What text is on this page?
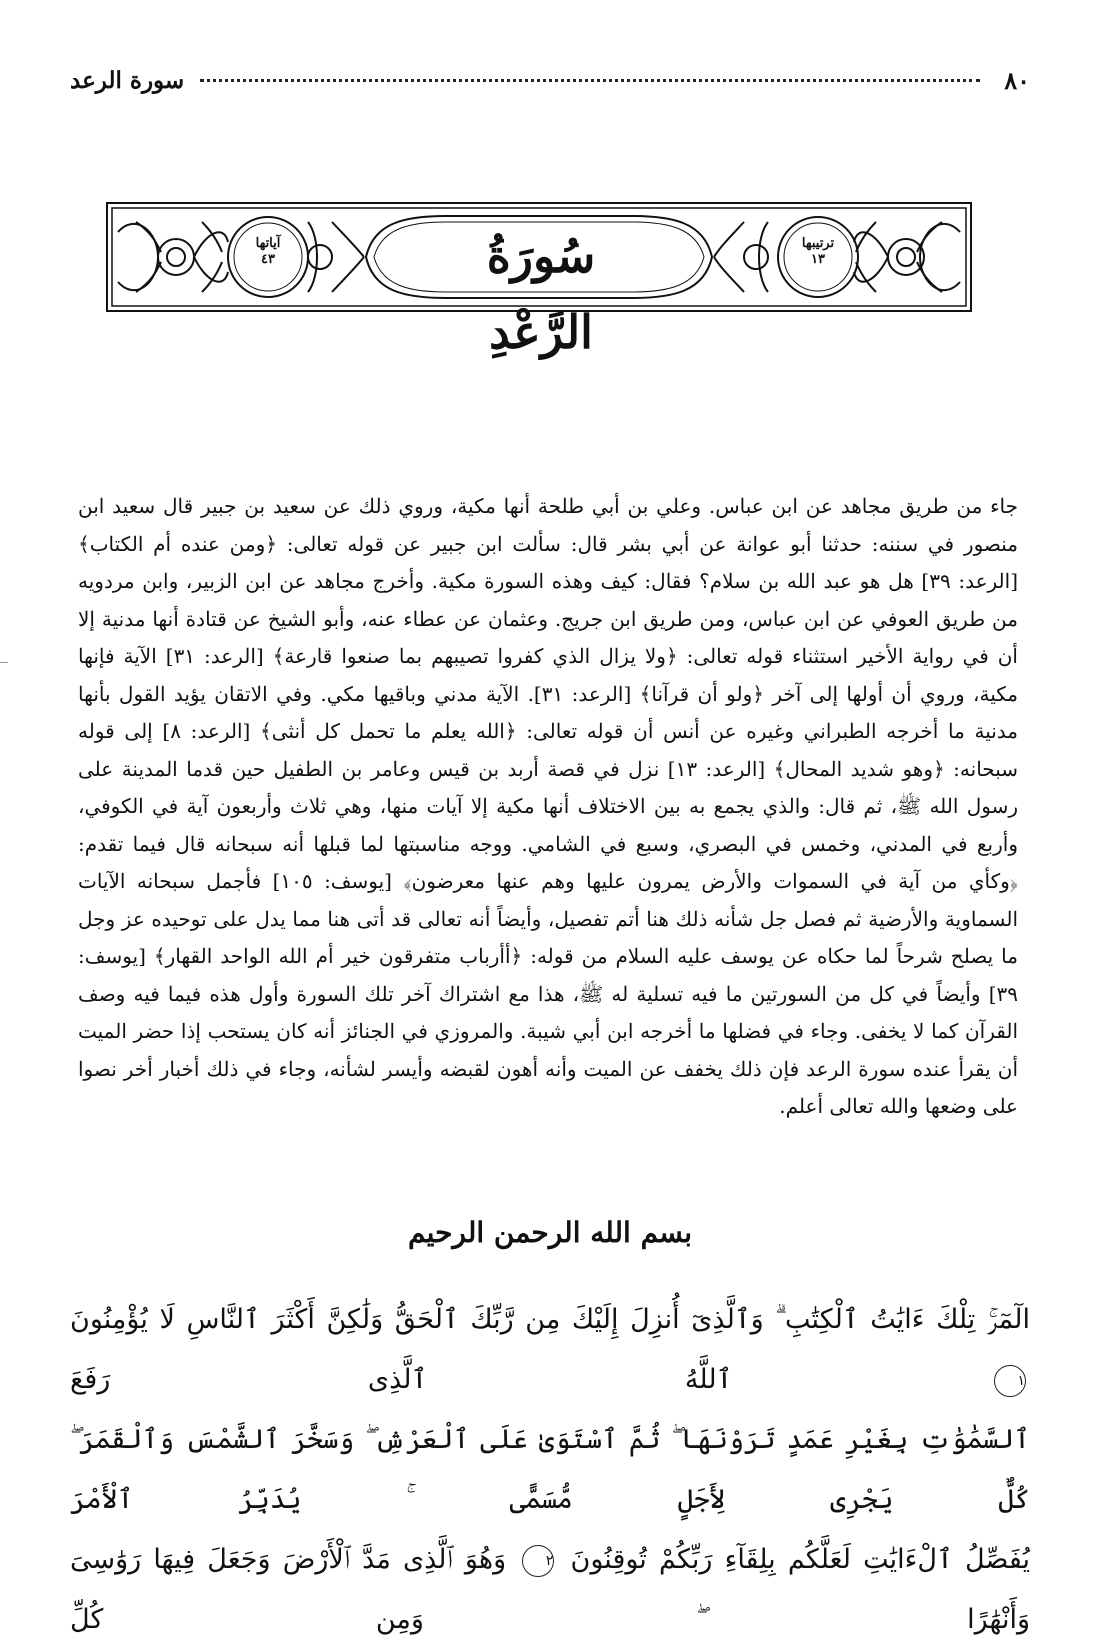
٨٠
سورة الرعد
سُورَةُ الرَّعْدِ
ترتيبها
١٣
آياتها
٤٣
جاء من طريق مجاهد عن ابن عباس. وعلي بن أبي طلحة أنها مكية، وروي ذلك عن سعيد بن جبير قال سعيد ابن منصور في سننه: حدثنا أبو عوانة عن أبي بشر قال: سألت ابن جبير عن قوله تعالى: ﴿ومن عنده أم الكتاب﴾ [الرعد: ٣٩] هل هو عبد الله بن سلام؟ فقال: كيف وهذه السورة مكية. وأخرج مجاهد عن ابن الزبير، وابن مردويه من طريق العوفي عن ابن عباس، ومن طريق ابن جريج. وعثمان عن عطاء عنه، وأبو الشيخ عن قتادة أنها مدنية إلا أن في رواية الأخير استثناء قوله تعالى: ﴿ولا يزال الذي كفروا تصيبهم بما صنعوا قارعة﴾ [الرعد: ٣١] الآية فإنها مكية، وروي أن أولها إلى آخر ﴿ولو أن قرآنا﴾ [الرعد: ٣١]. الآية مدني وباقيها مكي. وفي الاتقان يؤيد القول بأنها مدنية ما أخرجه الطبراني وغيره عن أنس أن قوله تعالى: ﴿الله يعلم ما تحمل كل أنثى﴾ [الرعد: ٨] إلى قوله سبحانه: ﴿وهو شديد المحال﴾ [الرعد: ١٣] نزل في قصة أربد بن قيس وعامر بن الطفيل حين قدما المدينة على رسول الله ﷺ، ثم قال: والذي يجمع به بين الاختلاف أنها مكية إلا آيات منها، وهي ثلاث وأربعون آية في الكوفي، وأربع في المدني، وخمس في البصري، وسبع في الشامي. ووجه مناسبتها لما قبلها أنه سبحانه قال فيما تقدم: ﴿وكأي من آية في السموات والأرض يمرون عليها وهم عنها معرضون﴾ [يوسف: ١٠٥] فأجمل سبحانه الآيات السماوية والأرضية ثم فصل جل شأنه ذلك هنا أتم تفصيل، وأيضاً أنه تعالى قد أتى هنا مما يدل على توحيده عز وجل ما يصلح شرحاً لما حكاه عن يوسف عليه السلام من قوله: ﴿أأرباب متفرقون خير أم الله الواحد القهار﴾ [يوسف: ٣٩] وأيضاً في كل من السورتين ما فيه تسلية له ﷺ، هذا مع اشتراك آخر تلك السورة وأول هذه فيما فيه وصف القرآن كما لا يخفى. وجاء في فضلها ما أخرجه ابن أبي شيبة. والمروزي في الجنائز أنه كان يستحب إذا حضر الميت أن يقرأ عنده سورة الرعد فإن ذلك يخفف عن الميت وأنه أهون لقبضه وأيسر لشأنه، وجاء في ذلك أخبار أخر نصوا على وضعها والله تعالى أعلم.
بسم الله الرحمن الرحيم
الٓمٓرۚ تِلْكَ ءَايَٰتُ ٱلْكِتَٰبِ ۗ وَٱلَّذِىٓ أُنزِلَ إِلَيْكَ مِن رَّبِّكَ ٱلْحَقُّ وَلَٰكِنَّ أَكْثَرَ ٱلنَّاسِ لَا يُؤْمِنُونَ ١ ٱللَّهُ ٱلَّذِى رَفَعَ
ٱلسَّمَٰوَٰتِ بِغَيْرِ عَمَدٍ تَرَوْنَهَا ۖ ثُمَّ ٱسْتَوَىٰ عَلَى ٱلْعَرْشِ ۖ وَسَخَّرَ ٱلشَّمْسَ وَٱلْقَمَرَ ۖ كُلٌّ يَجْرِى لِأَجَلٍ مُّسَمًّى ۚ يُدَبِّرُ ٱلْأَمْرَ
يُفَصِّلُ ٱلْءَايَٰتِ لَعَلَّكُم بِلِقَآءِ رَبِّكُمْ تُوقِنُونَ ٢ وَهُوَ ٱلَّذِى مَدَّ ٱلْأَرْضَ وَجَعَلَ فِيهَا رَوَٰسِىَ وَأَنْهَٰرًا ۖ وَمِن كُلِّ
